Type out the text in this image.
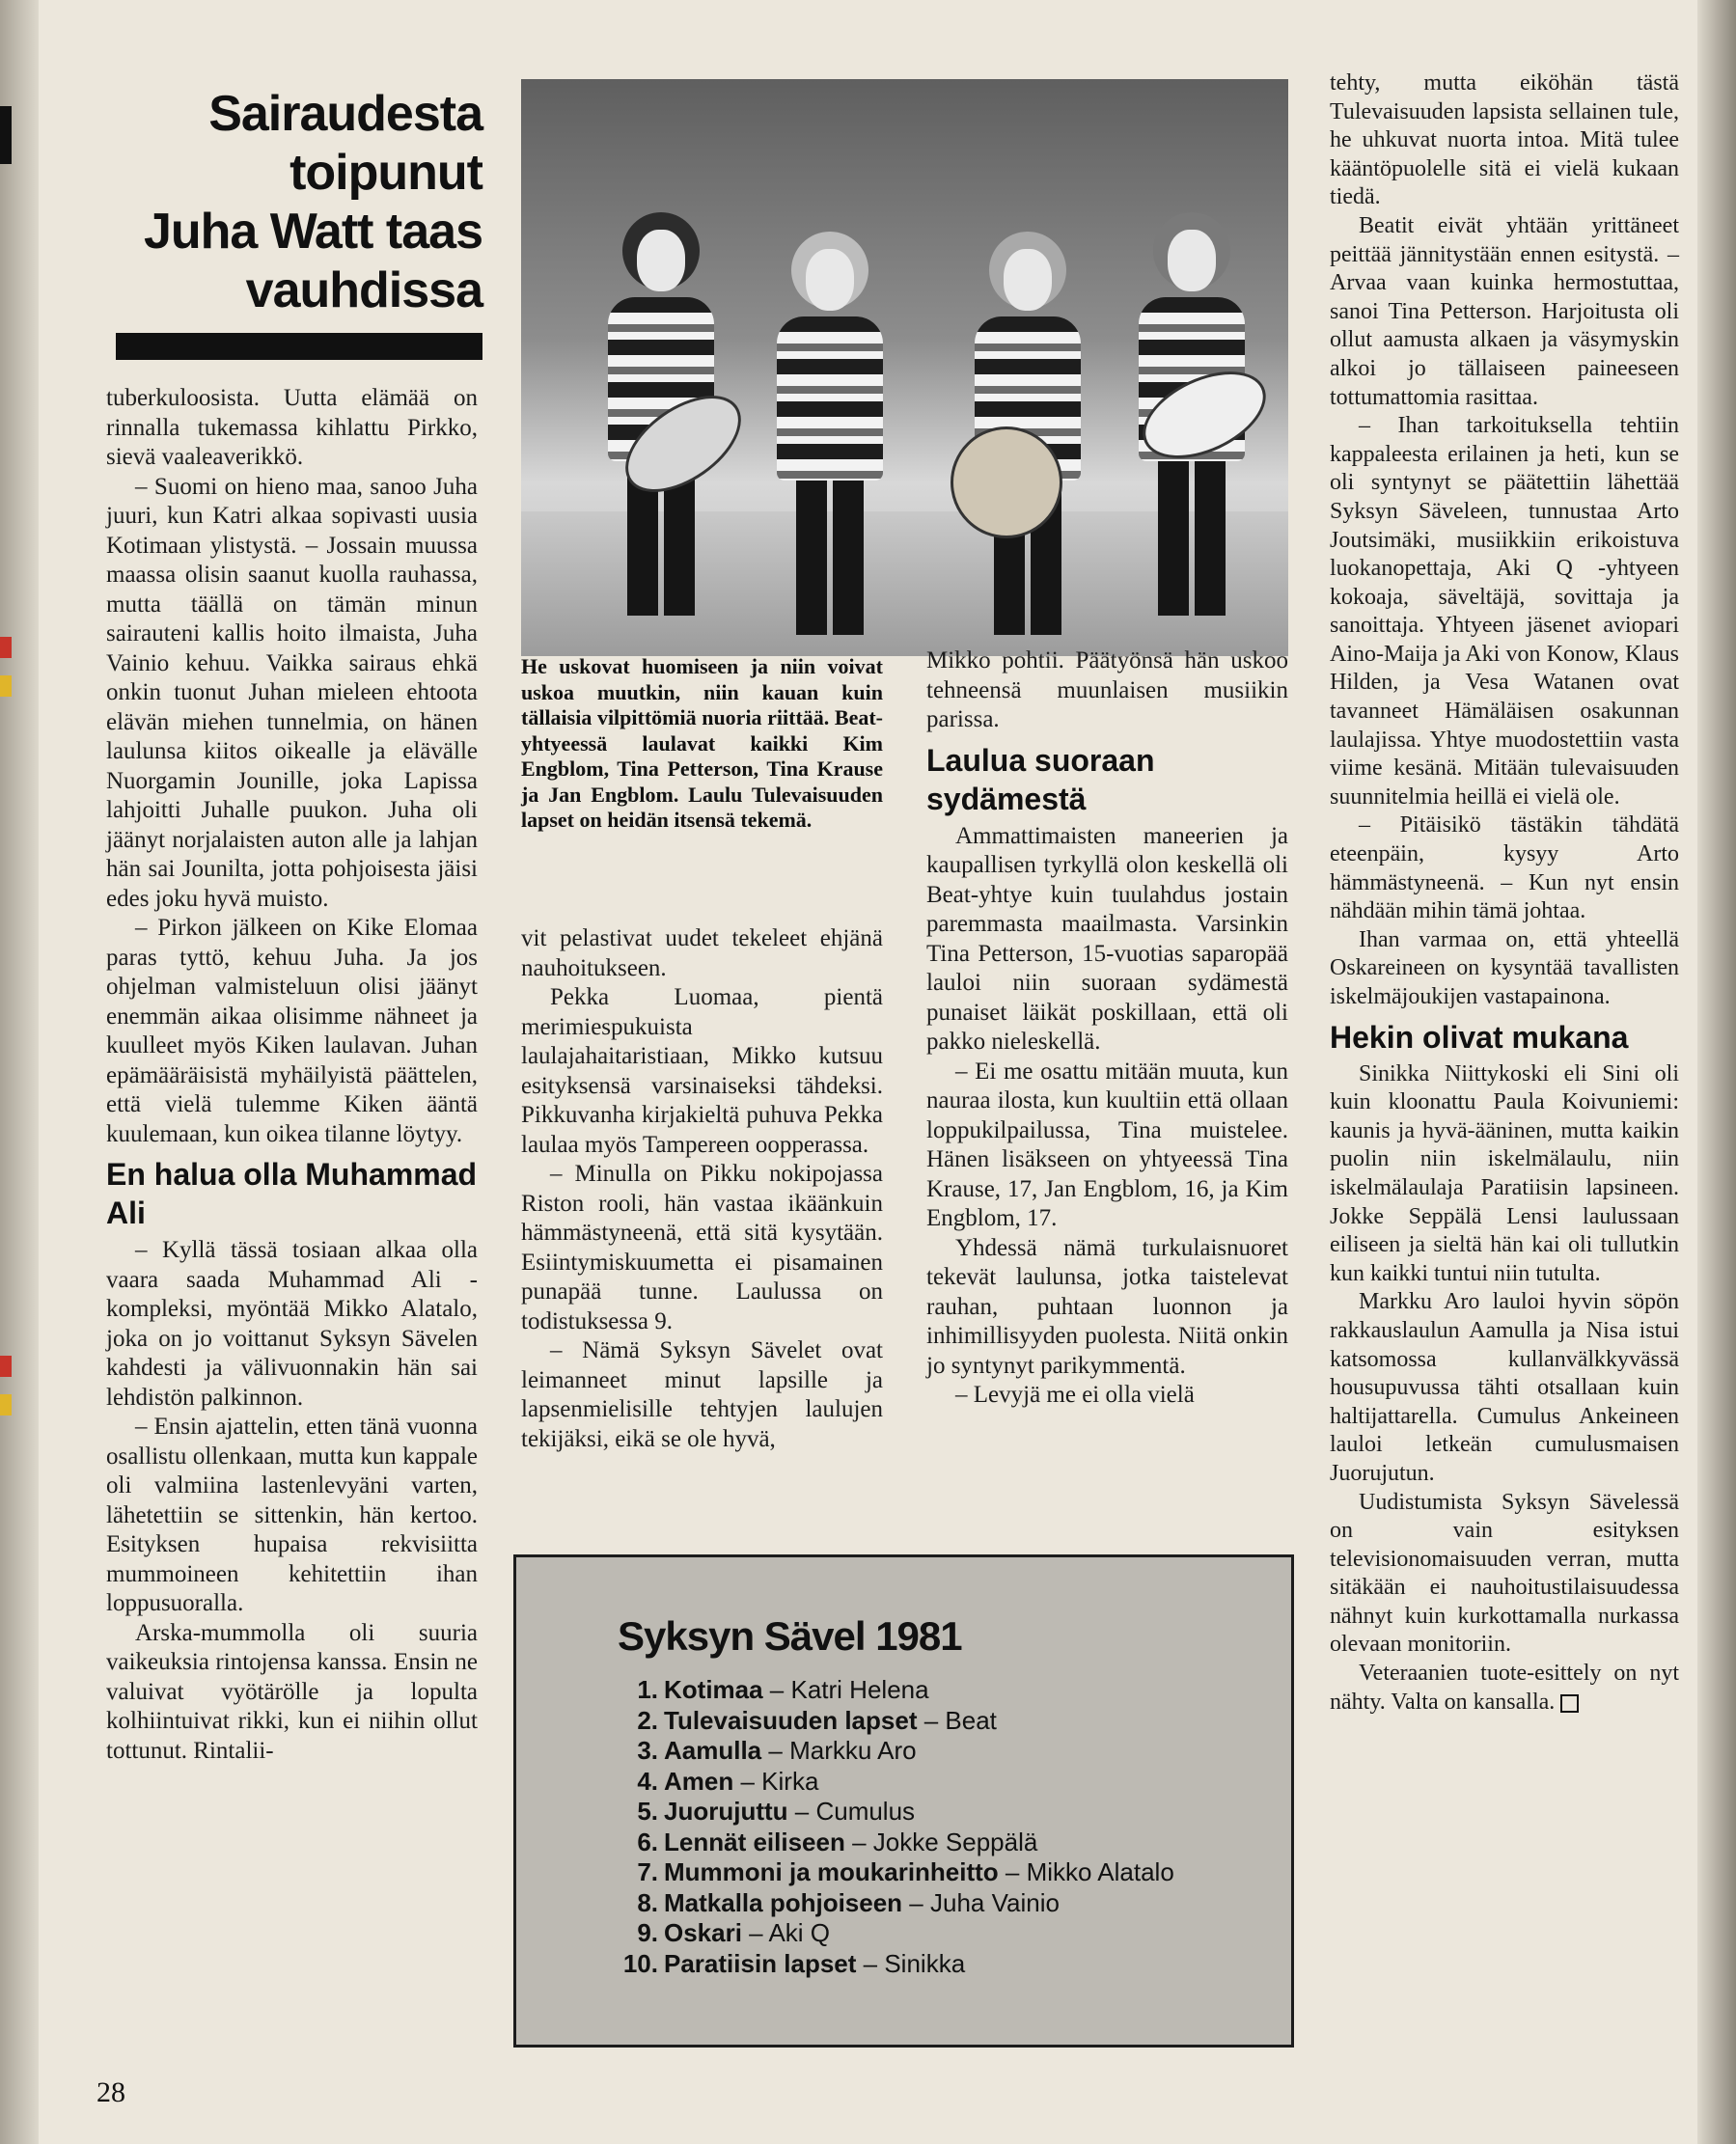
Sairaudesta
toipunut
Juha Watt taas
vauhdissa

tuberkuloosista. Uutta elämää on rinnalla tukemassa kihlattu Pirkko, sievä vaaleaverikkö.

– Suomi on hieno maa, sanoo Juha juuri, kun Katri alkaa sopivasti uusia Kotimaan ylistystä. – Jossain muussa maassa olisin saanut kuolla rauhassa, mutta täällä on tämän minun sairauteni kallis hoito ilmaista, Juha Vainio kehuu. Vaikka sairaus ehkä onkin tuonut Juhan mieleen ehtoota elävän miehen tunnelmia, on hänen laulunsa kiitos oikealle ja elävälle Nuorgamin Jounille, joka Lapissa lahjoitti Juhalle puukon. Juha oli jäänyt norjalaisten auton alle ja lahjan hän sai Jounilta, jotta pohjoisesta jäisi edes joku hyvä muisto.

– Pirkon jälkeen on Kike Elomaa paras tyttö, kehuu Juha. Ja jos ohjelman valmisteluun olisi jäänyt enemmän aikaa olisimme nähneet ja kuulleet myös Kiken laulavan. Juhan epämääräisistä myhäilyistä päättelen, että vielä tulemme Kiken ääntä kuulemaan, kun oikea tilanne löytyy.

En halua olla Muhammad Ali

– Kyllä tässä tosiaan alkaa olla vaara saada Muhammad Ali -kompleksi, myöntää Mikko Alatalo, joka on jo voittanut Syksyn Sävelen kahdesti ja välivuonnakin hän sai lehdistön palkinnon.

– Ensin ajattelin, etten tänä vuonna osallistu ollenkaan, mutta kun kappale oli valmiina lastenlevyäni varten, lähetettiin se sittenkin, hän kertoo. Esityksen hupaisa rekvisiitta mummoineen kehitettiin ihan loppusuoralla.

Arska-mummolla oli suuria vaikeuksia rintojensa kanssa. Ensin ne valuivat vyötärölle ja lopulta kolhiintuivat rikki, kun ei niihin ollut tottunut. Rintalii-

He uskovat huomiseen ja niin voivat uskoa muutkin, niin kauan kuin tällaisia vilpittömiä nuoria riittää. Beat-yhtyeessä laulavat kaikki Kim Engblom, Tina Petterson, Tina Krause ja Jan Engblom. Laulu Tulevaisuuden lapset on heidän itsensä tekemä.

vit pelastivat uudet tekeleet ehjänä nauhoitukseen.

Pekka Luomaa, pientä merimiespukuista laulajahaitaristiaan, Mikko kutsuu esityksensä varsinaiseksi tähdeksi. Pikkuvanha kirjakieltä puhuva Pekka laulaa myös Tampereen oopperassa.

– Minulla on Pikku nokipojassa Riston rooli, hän vastaa ikäänkuin hämmästyneenä, että sitä kysytään. Esiintymiskuumetta ei pisamainen punapää tunne. Laulussa on todistuksessa 9.

– Nämä Syksyn Sävelet ovat leimanneet minut lapsille ja lapsenmielisille tehtyjen laulujen tekijäksi, eikä se ole hyvä,

Mikko pohtii. Päätyönsä hän uskoo tehneensä muunlaisen musiikin parissa.

Laulua suoraan sydämestä

Ammattimaisten maneerien ja kaupallisen tyrkyllä olon keskellä oli Beat-yhtye kuin tuulahdus jostain paremmasta maailmasta. Varsinkin Tina Petterson, 15-vuotias saparopää lauloi niin suoraan sydämestä punaiset läikät poskillaan, että oli pakko nieleskellä.

– Ei me osattu mitään muuta, kun nauraa ilosta, kun kuultiin että ollaan loppukilpailussa, Tina muistelee. Hänen lisäkseen on yhtyeessä Tina Krause, 17, Jan Engblom, 16, ja Kim Engblom, 17.

Yhdessä nämä turkulaisnuoret tekevät laulunsa, jotka taistelevat rauhan, puhtaan luonnon ja inhimillisyyden puolesta. Niitä onkin jo syntynyt parikymmentä.

– Levyjä me ei olla vielä

tehty, mutta eiköhän tästä Tulevaisuuden lapsista sellainen tule, he uhkuvat nuorta intoa. Mitä tulee kääntöpuolelle sitä ei vielä kukaan tiedä.

Beatit eivät yhtään yrittäneet peittää jännitystään ennen esitystä. – Arvaa vaan kuinka hermostuttaa, sanoi Tina Petterson. Harjoitusta oli ollut aamusta alkaen ja väsymyskin alkoi jo tällaiseen paineeseen tottumattomia rasittaa.

– Ihan tarkoituksella tehtiin kappaleesta erilainen ja heti, kun se oli syntynyt se päätettiin lähettää Syksyn Säveleen, tunnustaa Arto Joutsimäki, musiikkiin erikoistuva luokanopettaja, Aki Q -yhtyeen kokoaja, säveltäjä, sovittaja ja sanoittaja. Yhtyeen jäsenet aviopari Aino-Maija ja Aki von Konow, Klaus Hilden, ja Vesa Watanen ovat tavanneet Hämäläisen osakunnan laulajissa. Yhtye muodostettiin vasta viime kesänä. Mitään tulevaisuuden suunnitelmia heillä ei vielä ole.

– Pitäisikö tästäkin tähdätä eteenpäin, kysyy Arto hämmästyneenä. – Kun nyt ensin nähdään mihin tämä johtaa.

Ihan varmaa on, että yhteellä Oskareineen on kysyntää tavallisten iskelmäjoukijen vastapainona.

Hekin olivat mukana

Sinikka Niittykoski eli Sini oli kuin kloonattu Paula Koivuniemi: kaunis ja hyvä-ääninen, mutta kaikin puolin niin iskelmälaulu, niin iskelmälaulaja Paratiisin lapsineen. Jokke Seppälä Lensi laulussaan eiliseen ja sieltä hän kai oli tullutkin kun kaikki tuntui niin tutulta.

Markku Aro lauloi hyvin söpön rakkauslaulun Aamulla ja Nisa istui katsomossa kullanvälkkyvässä housupuvussa tähti otsallaan kuin haltijattarella. Cumulus Ankeineen lauloi letkeän cumulusmaisen Juorujutun.

Uudistumista Syksyn Sävelessä on vain esityksen televisionomaisuuden verran, mutta sitäkään ei nauhoitustilaisuudessa nähnyt kuin kurkottamalla nurkassa olevaan monitoriin.

Veteraanien tuote-esittely on nyt nähty. Valta on kansalla.

Syksyn Sävel 1981
1. Kotimaa – Katri Helena
2. Tulevaisuuden lapset – Beat
3. Aamulla – Markku Aro
4. Amen – Kirka
5. Juorujuttu – Cumulus
6. Lennät eiliseen – Jokke Seppälä
7. Mummoni ja moukarinheitto – Mikko Alatalo
8. Matkalla pohjoiseen – Juha Vainio
9. Oskari – Aki Q
10. Paratiisin lapset – Sinikka
28
